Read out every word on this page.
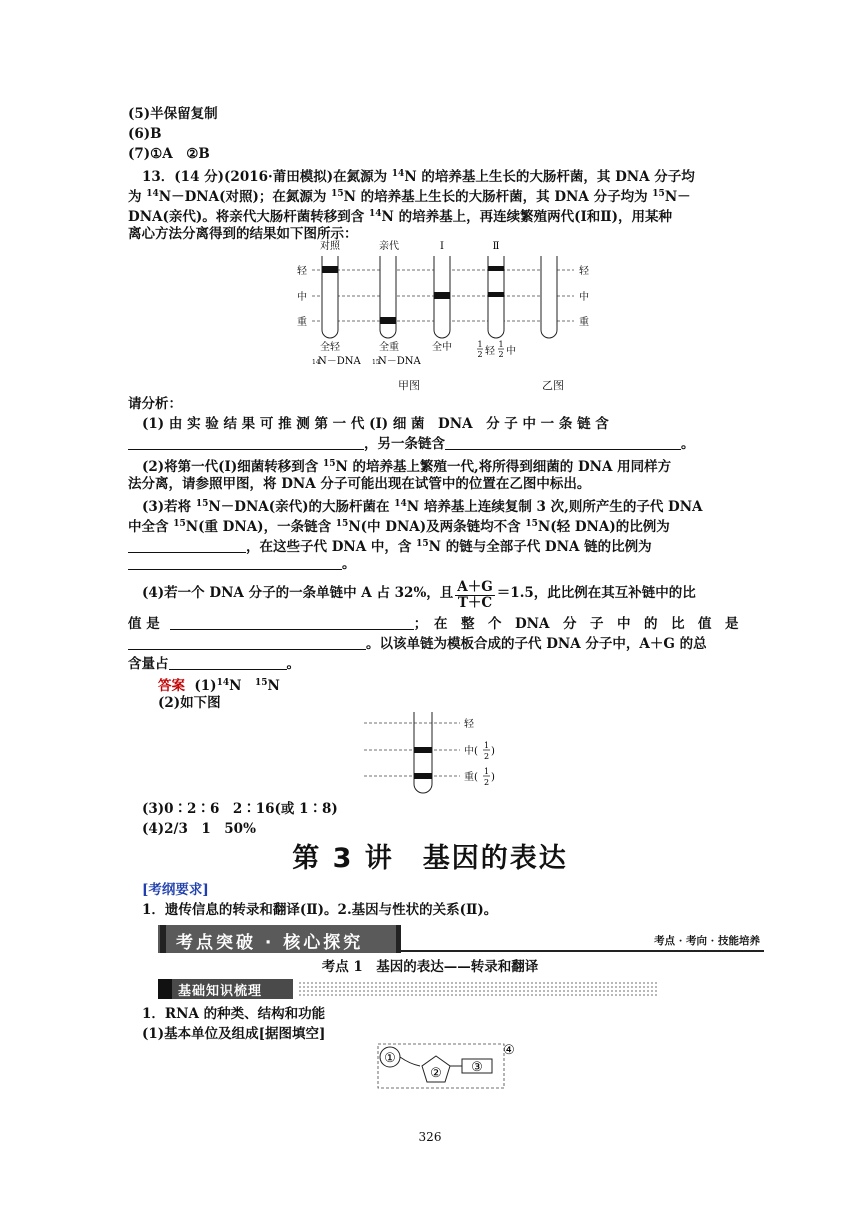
(5)半保留复制
(6)B
(7)①A　②B
13．(14 分)(2016·莆田模拟)在氮源为 $^{14}$N 的培养基上生长的大肠杆菌，其 DNA 分子均
为 $^{14}$N－DNA(对照)；在氮源为 $^{15}$N 的培养基上生长的大肠杆菌，其 DNA 分子均为 $^{15}$N－
DNA(亲代)。将亲代大肠杆菌转移到含 $^{14}$N 的培养基上，再连续繁殖两代(Ⅰ和Ⅱ)，用某种
离心方法分离得到的结果如下图所示：
对照	亲代	Ⅰ	Ⅱ
轻
中
重
轻
中
重
全轻	全重	全中
14
N－DNA 15
N－DNA
1
2 轻
1
2 中
甲图	乙图
请分析：
(1) 由 实 验 结 果 可 推 测 第 一 代 (Ⅰ) 细 菌　DNA　分 子 中 一 条 链 含
，另一条链含	。
(2)将第一代(Ⅰ)细菌转移到含 $^{15}$N 的培养基上繁殖一代,将所得到细菌的 DNA 用同样方
法分离，请参照甲图，将 DNA 分子可能出现在试管中的位置在乙图中标出。
(3)若将 $^{15}$N－DNA(亲代)的大肠杆菌在 $^{14}$N 培养基上连续复制 3 次,则所产生的子代 DNA
中全含 $^{15}$N(重 DNA)，一条链含 $^{15}$N(中 DNA)及两条链均不含 $^{15}$N(轻 DNA)的比例为
，在这些子代 DNA 中，含 $^{15}$N 的链与全部子代 DNA 链的比例为
。
(4)若一个 DNA 分子的一条单链中 A 占 32%，且 $\frac{A+G}{T+C} =1.5$，此比例在其互补链中的比
值 是	；　在　整　个　DNA　分　子　中　的　比　值　是
。以该单链为模板合成的子代 DNA 分子中，A＋G 的总
含量占	。
答案 $(1)^{14}N$　$^{15}$N
(2)如下图
轻
中(
1
2 )
重(
1
2 )
(3)0∶2∶6　2∶16(或 1∶8)
(4)2/3　1　50%
第 3 讲　基因的表达
[考纲要求]
1．遗传信息的转录和翻译(Ⅱ)。2.基因与性状的关系(Ⅱ)。
考点突破 · 核心探究	考点 · 考向 · 技能培养
考点 1　基因的表达——转录和翻译
基础知识梳理
1．RNA 的种类、结构和功能
(1)基本单位及组成[据图填空]
①
② ③
④
326
